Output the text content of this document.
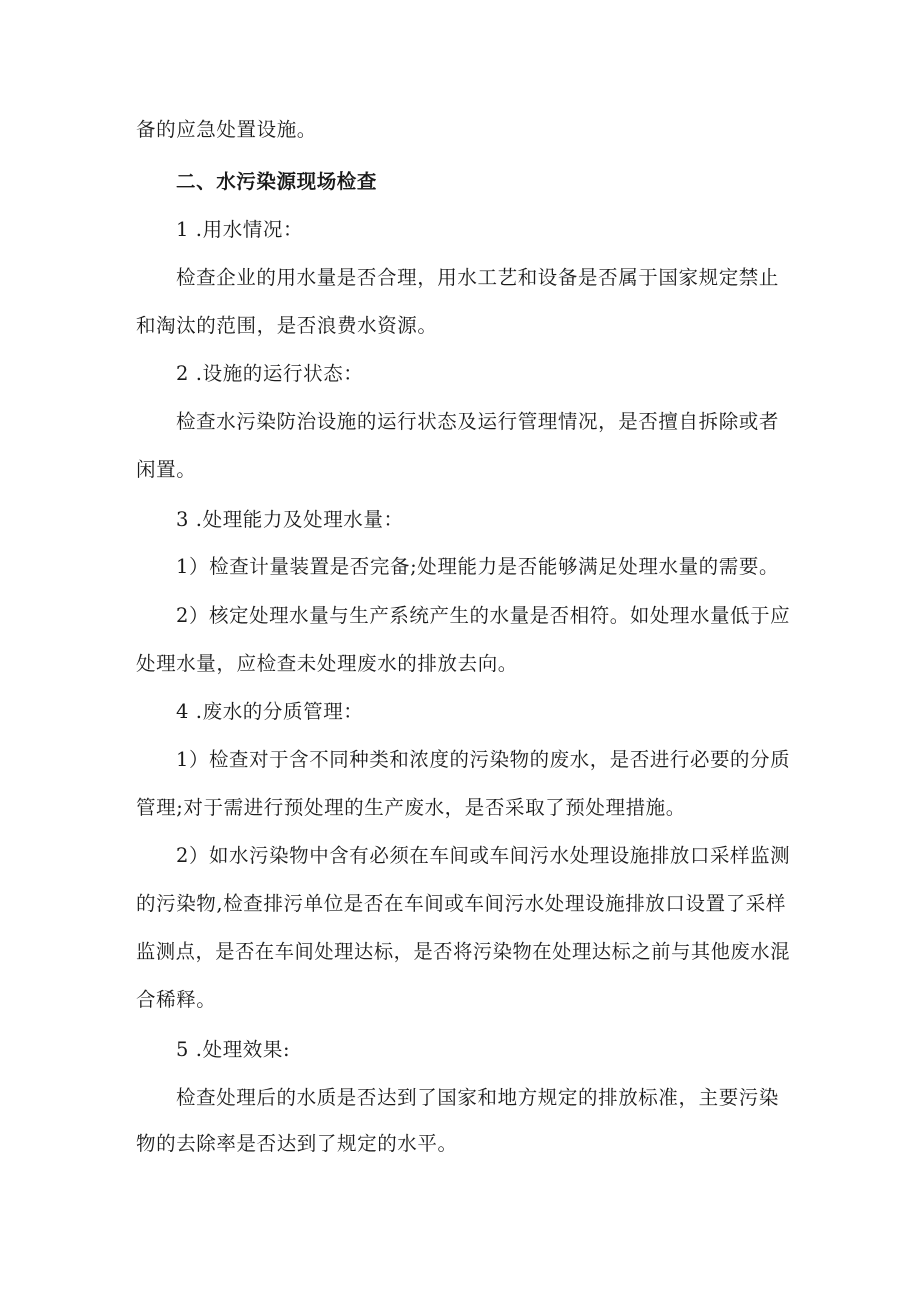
备的应急处置设施。
二、水污染源现场检查
1 .用水情况：
检查企业的用水量是否合理，用水工艺和设备是否属于国家规定禁止
和淘汰的范围，是否浪费水资源。
2 .设施的运行状态：
检查水污染防治设施的运行状态及运行管理情况，是否擅自拆除或者
闲置。
3 .处理能力及处理水量：
1）检查计量装置是否完备;处理能力是否能够满足处理水量的需要。
2）核定处理水量与生产系统产生的水量是否相符。如处理水量低于应
处理水量，应检查未处理废水的排放去向。
4 .废水的分质管理：
1）检查对于含不同种类和浓度的污染物的废水，是否进行必要的分质
管理;对于需进行预处理的生产废水，是否采取了预处理措施。
2）如水污染物中含有必须在车间或车间污水处理设施排放口采样监测
的污染物,检查排污单位是否在车间或车间污水处理设施排放口设置了采样
监测点，是否在车间处理达标，是否将污染物在处理达标之前与其他废水混
合稀释。
5 .处理效果:
检查处理后的水质是否达到了国家和地方规定的排放标准，主要污染
物的去除率是否达到了规定的水平。
